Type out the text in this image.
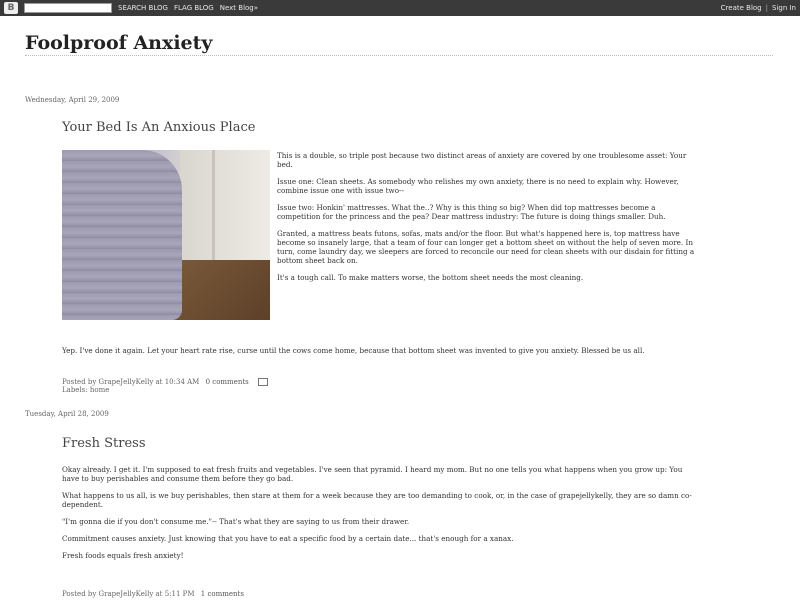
B	SEARCH BLOG FLAG BLOG Next Blog»	Create Blog | Sign In
Foolproof Anxiety
Wednesday, April 29, 2009
Your Bed Is An Anxious Place

This is a double, so triple post because two distinct areas of anxiety are covered by one troublesome asset: Your bed.

Issue one: Clean sheets. As somebody who relishes my own anxiety, there is no need to explain why. However, combine issue one with issue two--

Issue two: Honkin' mattresses. What the..? Why is this thing so big? When did top mattresses become a competition for the princess and the pea? Dear mattress industry: The future is doing things smaller. Duh.

Granted, a mattress beats futons, sofas, mats and/or the floor. But what's happened here is, top mattress have become so insanely large, that a team of four can longer get a bottom sheet on without the help of seven more. In turn, come laundry day, we sleepers are forced to reconcile our need for clean sheets with our disdain for fitting a bottom sheet back on.

It's a tough call. To make matters worse, the bottom sheet needs the most cleaning.

Yep. I've done it again. Let your heart rate rise, curse until the cows come home, because that bottom sheet was invented to give you anxiety. Blessed be us all.

Posted by GrapeJellyKelly at 10:34 AM 0 comments
Labels: home
Tuesday, April 28, 2009
Fresh Stress

Okay already. I get it. I'm supposed to eat fresh fruits and vegetables. I've seen that pyramid. I heard my mom. But no one tells you what happens when you grow up: You have to buy perishables and consume them before they go bad.

What happens to us all, is we buy perishables, then stare at them for a week because they are too demanding to cook, or, in the case of grapejellykelly, they are so damn co-dependent.

"I'm gonna die if you don't consume me."-- That's what they are saying to us from their drawer.

Commitment causes anxiety. Just knowing that you have to eat a specific food by a certain date... that's enough for a xanax.

Fresh foods equals fresh anxiety!

Posted by GrapeJellyKelly at 5:11 PM 1 comments
